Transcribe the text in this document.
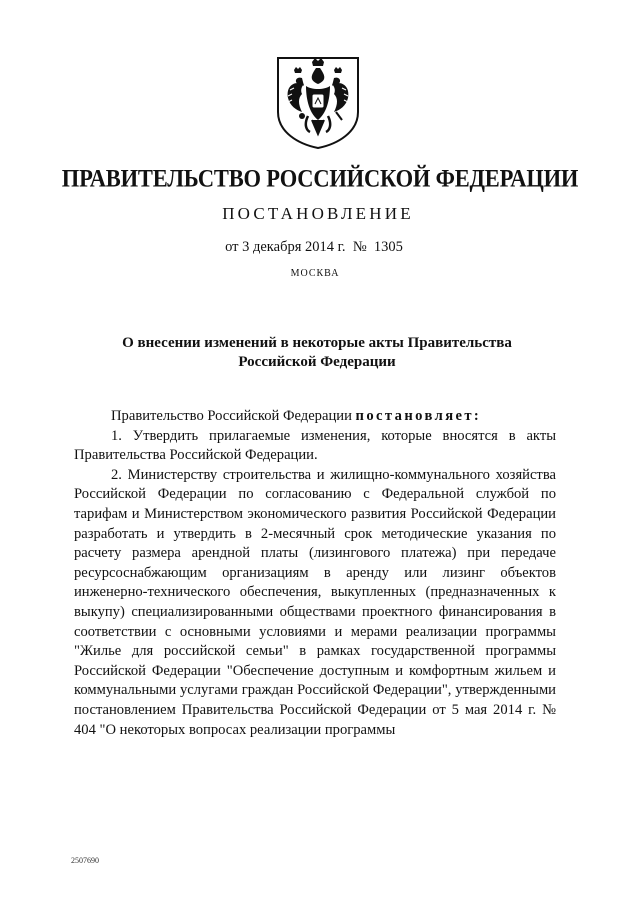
ПРАВИТЕЛЬСТВО РОССИЙСКОЙ ФЕДЕРАЦИИ
ПОСТАНОВЛЕНИЕ
от 3 декабря 2014 г. № 1305
МОСКВА
О внесении изменений в некоторые акты Правительства
Российской Федерации

Правительство Российской Федерации постановляет:

1. Утвердить прилагаемые изменения, которые вносятся в акты Правительства Российской Федерации.

2. Министерству строительства и жилищно-коммунального хозяйства Российской Федерации по согласованию с Федеральной службой по тарифам и Министерством экономического развития Российской Федерации разработать и утвердить в 2-месячный срок методические указания по расчету размера арендной платы (лизингового платежа) при передаче ресурсоснабжающим организациям в аренду или лизинг объектов инженерно-технического обеспечения, выкупленных (предназначенных к выкупу) специализированными обществами проектного финансирования в соответствии с основными условиями и мерами реализации программы "Жилье для российской семьи" в рамках государственной программы Российской Федерации "Обеспечение доступным и комфортным жильем и коммунальными услугами граждан Российской Федерации", утвержденными постановлением Правительства Российской Федерации от 5 мая 2014 г. № 404 "О некоторых вопросах реализации программы

2507690
